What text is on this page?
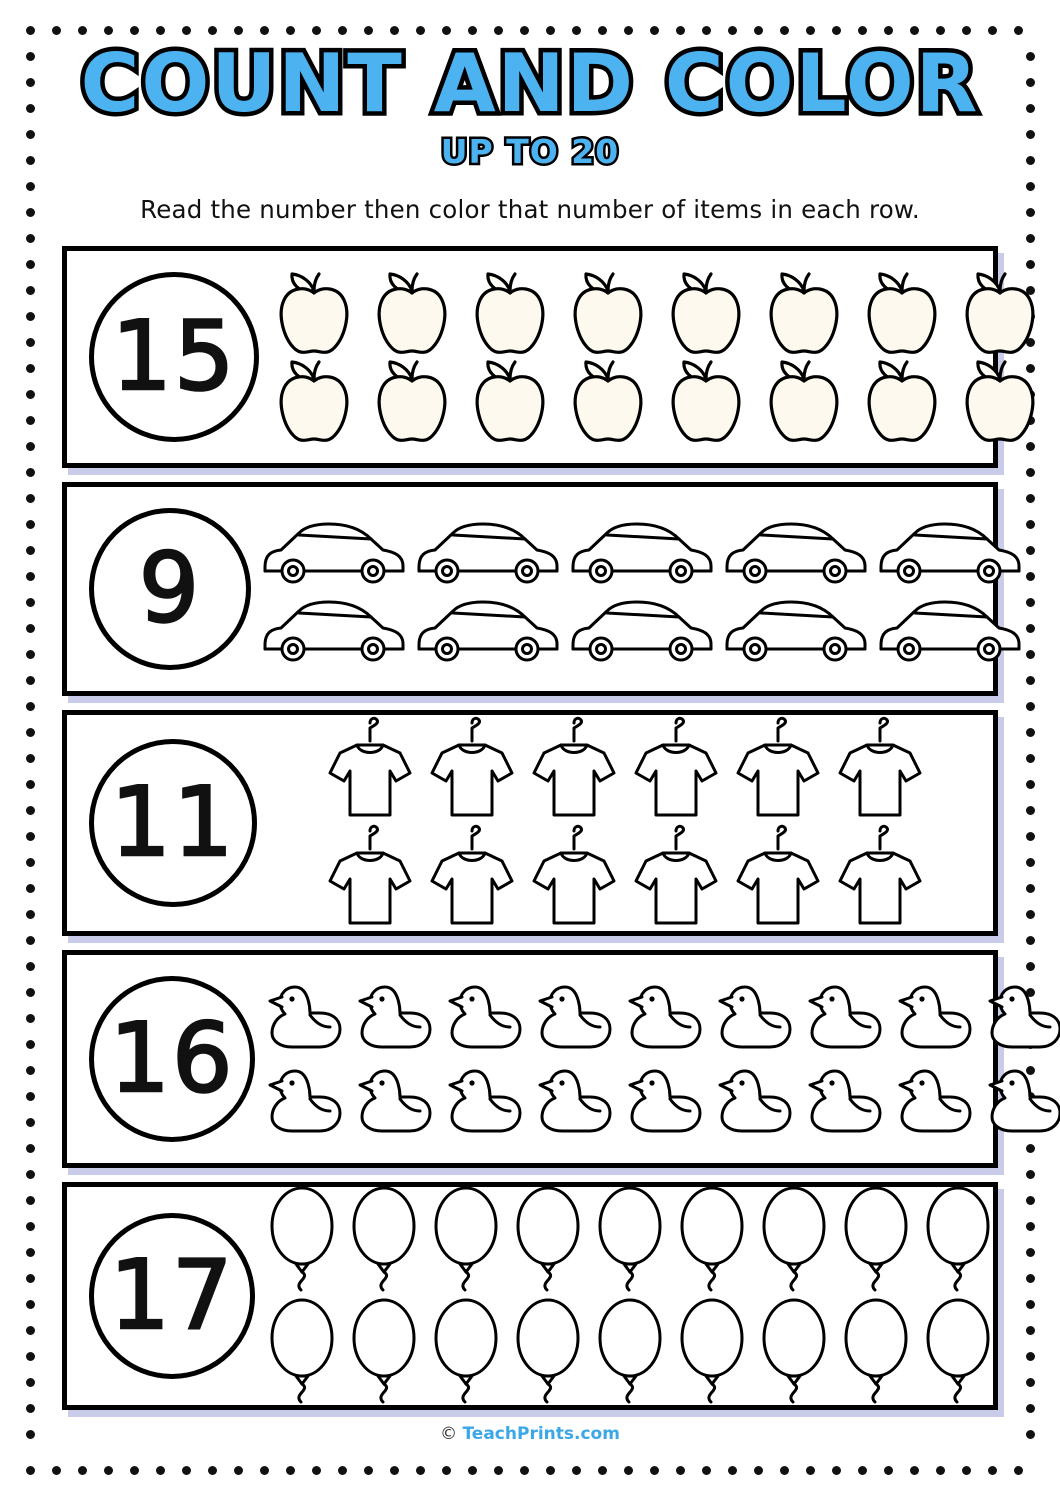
COUNT AND COLOR
UP TO 20

Read the number then color that number of items in each row.

15
9
11
16
17
© TeachPrints.com
